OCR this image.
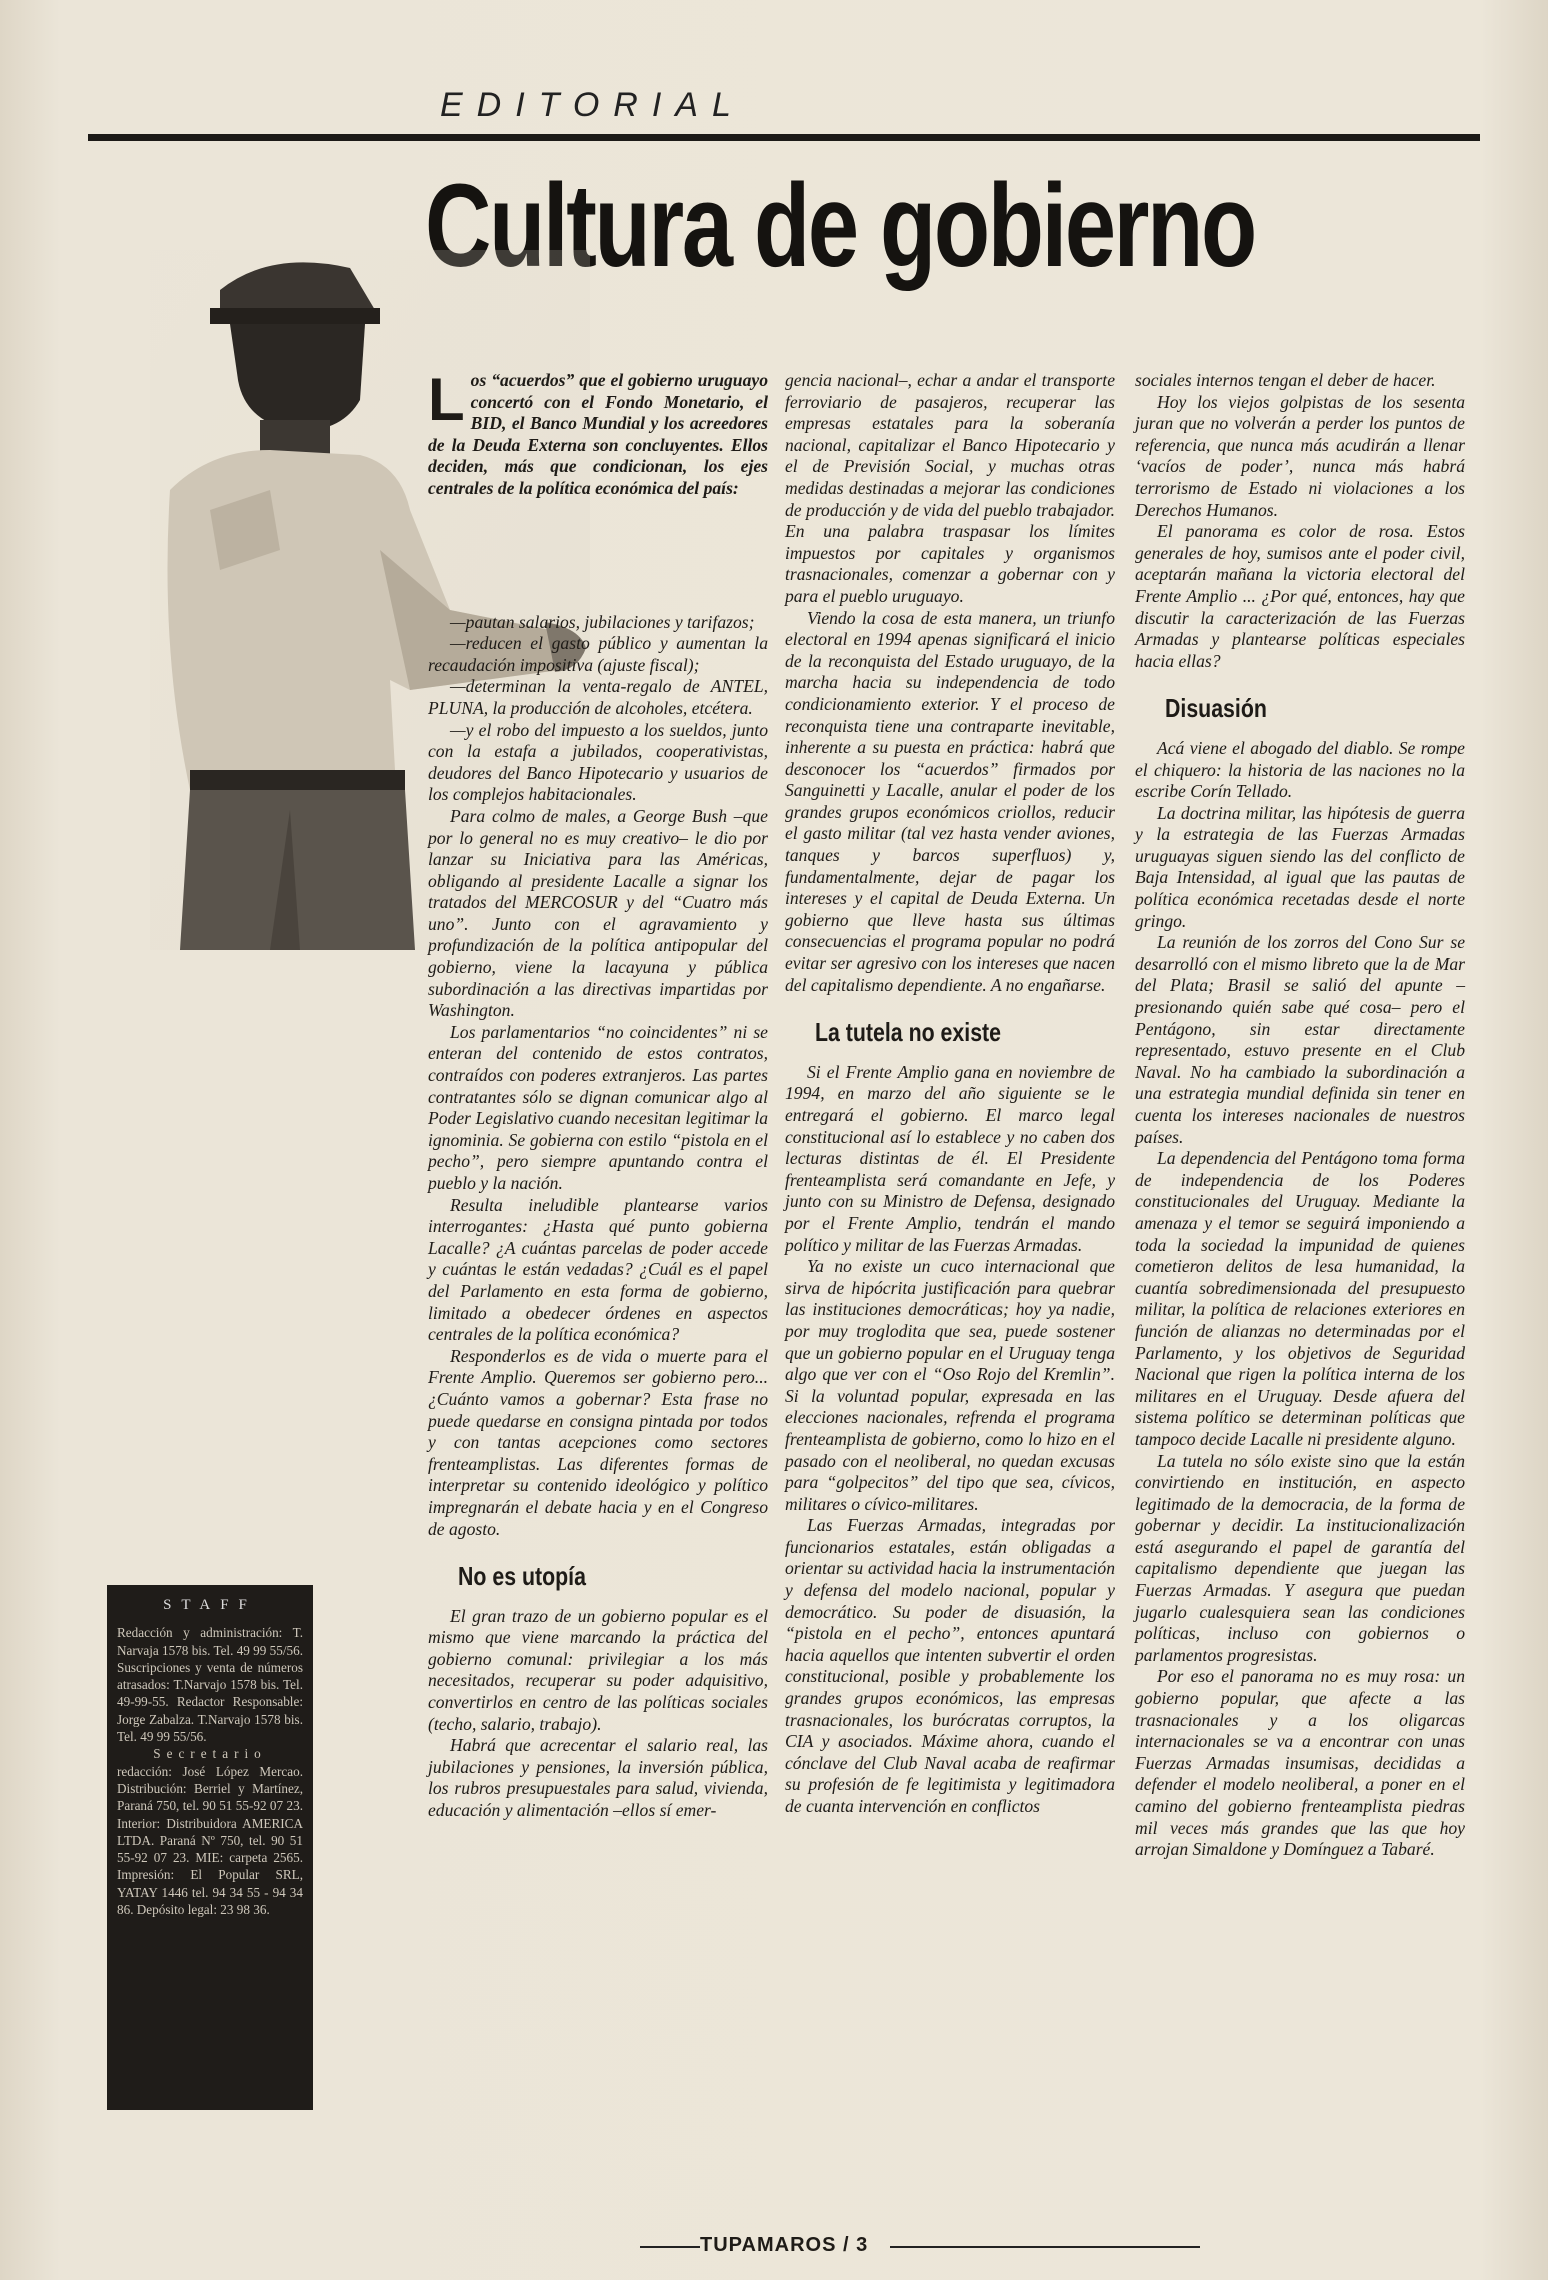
EDITORIAL
Cultura de gobierno

Los “acuerdos” que el gobierno uruguayo concertó con el Fondo Monetario, el BID, el Banco Mundial y los acreedores de la Deuda Externa son concluyentes. Ellos deciden, más que condicionan, los ejes centrales de la política económica del país:

—pautan salarios, jubilaciones y tarifazos;

—reducen el gasto público y aumentan la recaudación impositiva (ajuste fiscal);

—determinan la venta-regalo de ANTEL, PLUNA, la producción de alcoholes, etcétera.

—y el robo del impuesto a los sueldos, junto con la estafa a jubilados, cooperativistas, deudores del Banco Hipotecario y usuarios de los complejos habitacionales.

Para colmo de males, a George Bush –que por lo general no es muy creativo– le dio por lanzar su Iniciativa para las Américas, obligando al presidente Lacalle a signar los tratados del MERCOSUR y del “Cuatro más uno”. Junto con el agravamiento y profundización de la política antipopular del gobierno, viene la lacayuna y pública subordinación a las directivas impartidas por Washington.

Los parlamentarios “no coincidentes” ni se enteran del contenido de estos contratos, contraídos con poderes extranjeros. Las partes contratantes sólo se dignan comunicar algo al Poder Legislativo cuando necesitan legitimar la ignominia. Se gobierna con estilo “pistola en el pecho”, pero siempre apuntando contra el pueblo y la nación.

Resulta ineludible plantearse varios interrogantes: ¿Hasta qué punto gobierna Lacalle? ¿A cuántas parcelas de poder accede y cuántas le están vedadas? ¿Cuál es el papel del Parlamento en esta forma de gobierno, limitado a obedecer órdenes en aspectos centrales de la política económica?

Responderlos es de vida o muerte para el Frente Amplio. Queremos ser gobierno pero... ¿Cuánto vamos a gobernar? Esta frase no puede quedarse en consigna pintada por todos y con tantas acepciones como sectores frenteamplistas. Las diferentes formas de interpretar su contenido ideológico y político impregnarán el debate hacia y en el Congreso de agosto.

No es utopía

El gran trazo de un gobierno popular es el mismo que viene marcando la práctica del gobierno comunal: privilegiar a los más necesitados, recuperar su poder adquisitivo, convertirlos en centro de las políticas sociales (techo, salario, trabajo).

Habrá que acrecentar el salario real, las jubilaciones y pensiones, la inversión pública, los rubros presupuestales para salud, vivienda, educación y alimentación –ellos sí emer-

gencia nacional–, echar a andar el transporte ferroviario de pasajeros, recuperar las empresas estatales para la soberanía nacional, capitalizar el Banco Hipotecario y el de Previsión Social, y muchas otras medidas destinadas a mejorar las condiciones de producción y de vida del pueblo trabajador. En una palabra traspasar los límites impuestos por capitales y organismos trasnacionales, comenzar a gobernar con y para el pueblo uruguayo.

Viendo la cosa de esta manera, un triunfo electoral en 1994 apenas significará el inicio de la reconquista del Estado uruguayo, de la marcha hacia su independencia de todo condicionamiento exterior. Y el proceso de reconquista tiene una contraparte inevitable, inherente a su puesta en práctica: habrá que desconocer los “acuerdos” firmados por Sanguinetti y Lacalle, anular el poder de los grandes grupos económicos criollos, reducir el gasto militar (tal vez hasta vender aviones, tanques y barcos superfluos) y, fundamentalmente, dejar de pagar los intereses y el capital de Deuda Externa. Un gobierno que lleve hasta sus últimas consecuencias el programa popular no podrá evitar ser agresivo con los intereses que nacen del capitalismo dependiente. A no engañarse.

La tutela no existe

Si el Frente Amplio gana en noviembre de 1994, en marzo del año siguiente se le entregará el gobierno. El marco legal constitucional así lo establece y no caben dos lecturas distintas de él. El Presidente frenteamplista será comandante en Jefe, y junto con su Ministro de Defensa, designado por el Frente Amplio, tendrán el mando político y militar de las Fuerzas Armadas.

Ya no existe un cuco internacional que sirva de hipócrita justificación para quebrar las instituciones democráticas; hoy ya nadie, por muy troglodita que sea, puede sostener que un gobierno popular en el Uruguay tenga algo que ver con el “Oso Rojo del Kremlin”. Si la voluntad popular, expresada en las elecciones nacionales, refrenda el programa frenteamplista de gobierno, como lo hizo en el pasado con el neoliberal, no quedan excusas para “golpecitos” del tipo que sea, cívicos, militares o cívico-militares.

Las Fuerzas Armadas, integradas por funcionarios estatales, están obligadas a orientar su actividad hacia la instrumentación y defensa del modelo nacional, popular y democrático. Su poder de disuasión, la “pistola en el pecho”, entonces apuntará hacia aquellos que intenten subvertir el orden constitucional, posible y probablemente los grandes grupos económicos, las empresas trasnacionales, los burócratas corruptos, la CIA y asociados. Máxime ahora, cuando el cónclave del Club Naval acaba de reafirmar su profesión de fe legitimista y legitimadora de cuanta intervención en conflictos

sociales internos tengan el deber de hacer.

Hoy los viejos golpistas de los sesenta juran que no volverán a perder los puntos de referencia, que nunca más acudirán a llenar ‘vacíos de poder’, nunca más habrá terrorismo de Estado ni violaciones a los Derechos Humanos.

El panorama es color de rosa. Estos generales de hoy, sumisos ante el poder civil, aceptarán mañana la victoria electoral del Frente Amplio ... ¿Por qué, entonces, hay que discutir la caracterización de las Fuerzas Armadas y plantearse políticas especiales hacia ellas?

Disuasión

Acá viene el abogado del diablo. Se rompe el chiquero: la historia de las naciones no la escribe Corín Tellado.

La doctrina militar, las hipótesis de guerra y la estrategia de las Fuerzas Armadas uruguayas siguen siendo las del conflicto de Baja Intensidad, al igual que las pautas de política económica recetadas desde el norte gringo.

La reunión de los zorros del Cono Sur se desarrolló con el mismo libreto que la de Mar del Plata; Brasil se salió del apunte –presionando quién sabe qué cosa– pero el Pentágono, sin estar directamente representado, estuvo presente en el Club Naval. No ha cambiado la subordinación a una estrategia mundial definida sin tener en cuenta los intereses nacionales de nuestros países.

La dependencia del Pentágono toma forma de independencia de los Poderes constitucionales del Uruguay. Mediante la amenaza y el temor se seguirá imponiendo a toda la sociedad la impunidad de quienes cometieron delitos de lesa humanidad, la cuantía sobredimensionada del presupuesto militar, la política de relaciones exteriores en función de alianzas no determinadas por el Parlamento, y los objetivos de Seguridad Nacional que rigen la política interna de los militares en el Uruguay. Desde afuera del sistema político se determinan políticas que tampoco decide Lacalle ni presidente alguno.

La tutela no sólo existe sino que la están convirtiendo en institución, en aspecto legitimado de la democracia, de la forma de gobernar y decidir. La institucionalización está asegurando el papel de garantía del capitalismo dependiente que juegan las Fuerzas Armadas. Y asegura que puedan jugarlo cualesquiera sean las condiciones políticas, incluso con gobiernos o parlamentos progresistas.

Por eso el panorama no es muy rosa: un gobierno popular, que afecte a las trasnacionales y a los oligarcas internacionales se va a encontrar con unas Fuerzas Armadas insumisas, decididas a defender el modelo neoliberal, a poner en el camino del gobierno frenteamplista piedras mil veces más grandes que las que hoy arrojan Simaldone y Domínguez a Tabaré.

STAFF
Redacción y administración: T. Narvaja 1578 bis. Tel. 49 99 55/56. Suscripciones y venta de números atrasados: T.Narvajo 1578 bis. Tel. 49-99-55. Redactor Responsable: Jorge Zabalza. T.Narvajo 1578 bis. Tel. 49 99 55/56.
Secretario
redacción: José López Mercao. Distribución: Berriel y Martínez, Paraná 750, tel. 90 51 55-92 07 23. Interior: Distribuidora AMERICA LTDA. Paraná Nº 750, tel. 90 51 55-92 07 23. MIE: carpeta 2565. Impresión: El Popular SRL, YATAY 1446 tel. 94 34 55 - 94 34 86. Depósito legal: 23 98 36.
TUPAMAROS / 3
